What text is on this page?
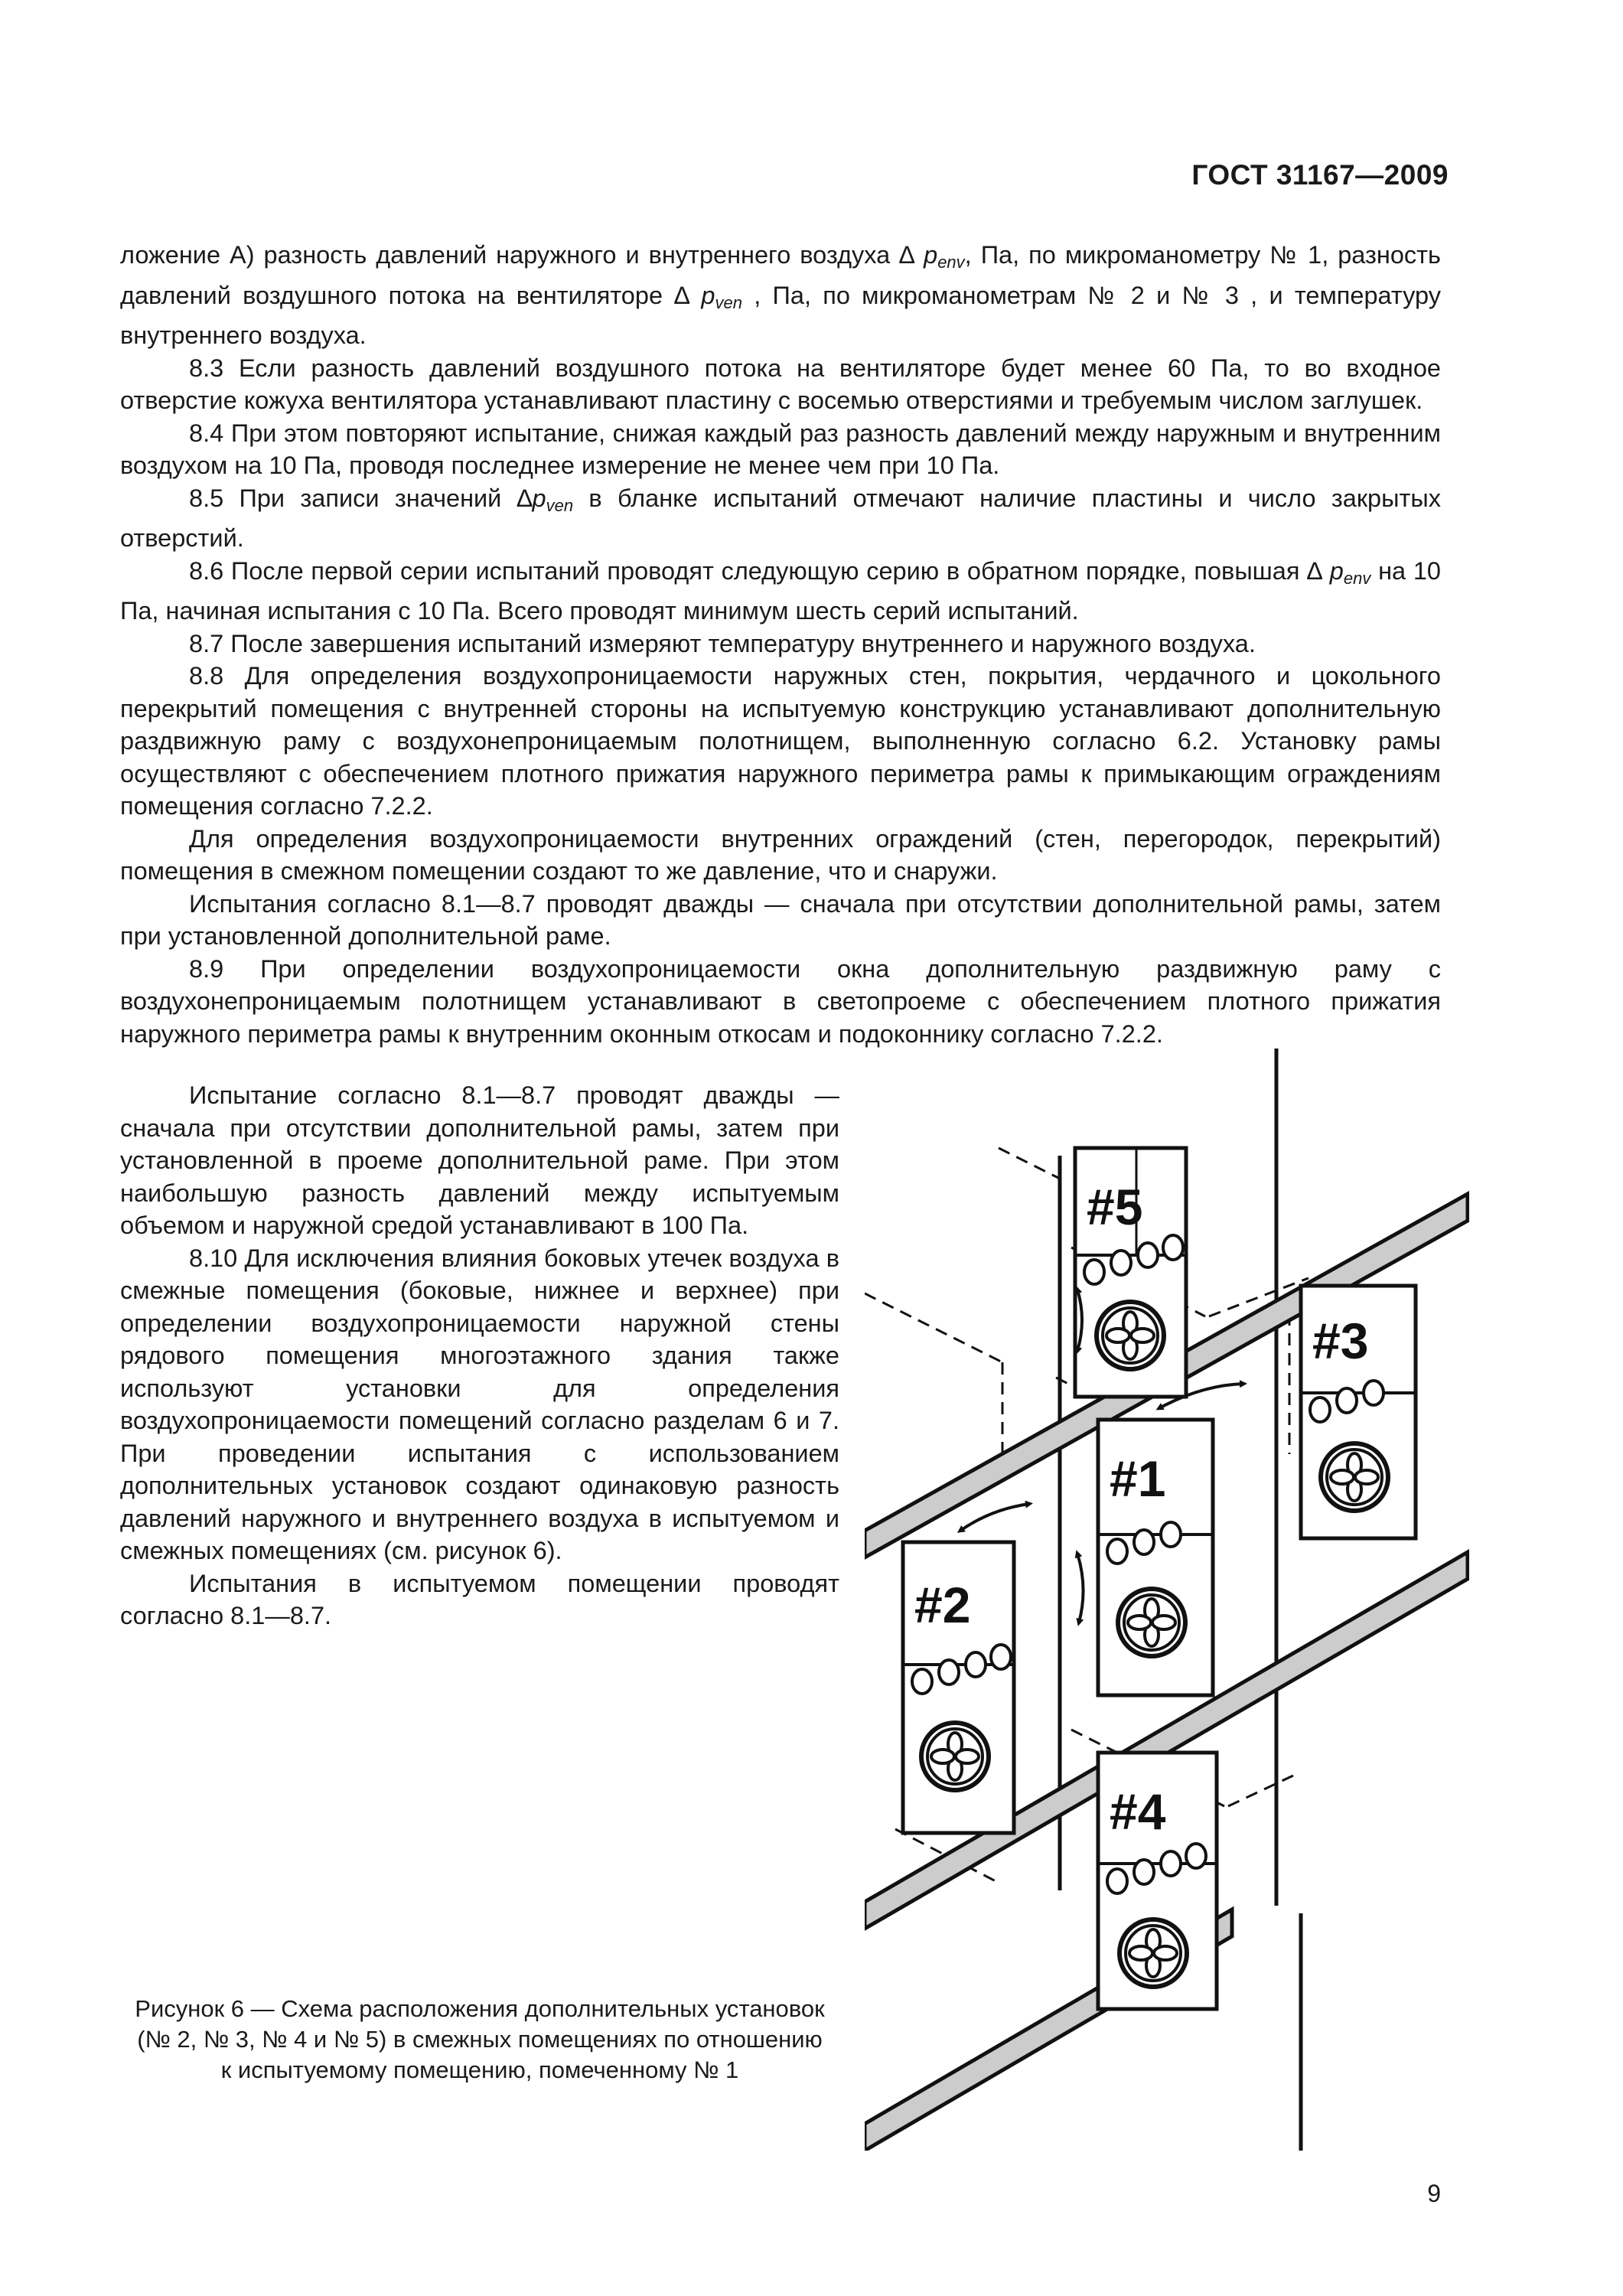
ГОСТ 31167—2009

ложение А) разность давлений наружного и внутреннего воздуха ∆ $p_{env}$, Па, по микроманометру № 1, разность давлений воздушного потока на вентиляторе ∆ $p_{ven}$ , Па, по микроманометрам № 2 и № 3 , и температуру внутреннего воздуха.

8.3 Если разность давлений воздушного потока на вентиляторе будет менее 60 Па, то во входное отверстие кожуха вентилятора устанавливают пластину с восемью отверстиями и требуемым числом заглушек.

8.4 При этом повторяют испытание, снижая каждый раз разность давлений между наружным и внутренним воздухом на 10 Па, проводя последнее измерение не менее чем при 10 Па.

8.5 При записи значений $\Delta p_{ven}$ в бланке испытаний отмечают наличие пластины и число закрытых отверстий.

8.6 После первой серии испытаний проводят следующую серию в обратном порядке, повышая ∆ $p_{env}$ на 10 Па, начиная испытания с 10 Па. Всего проводят минимум шесть серий испытаний.

8.7 После завершения испытаний измеряют температуру внутреннего и наружного воздуха.

8.8 Для определения воздухопроницаемости наружных стен, покрытия, чердачного и цокольного перекрытий помещения с внутренней стороны на испытуемую конструкцию устанавливают дополнительную раздвижную раму с воздухонепроницаемым полотнищем, выполненную согласно 6.2. Установку рамы осуществляют с обеспечением плотного прижатия наружного периметра рамы к примыкающим ограждениям помещения согласно 7.2.2.

Для определения воздухопроницаемости внутренних ограждений (стен, перегородок, перекрытий) помещения в смежном помещении создают то же давление, что и снаружи.

Испытания согласно 8.1—8.7 проводят дважды — сначала при отсутствии дополнительной рамы, затем при установленной дополнительной раме.

8.9 При определении воздухопроницаемости окна дополнительную раздвижную раму с воздухонепроницаемым полотнищем устанавливают в светопроеме с обеспечением плотного прижатия наружного периметра рамы к внутренним оконным откосам и подоконнику согласно 7.2.2.

Испытание согласно 8.1—8.7 проводят дважды — сначала при отсутствии дополнительной рамы, затем при установленной в проеме дополнительной раме. При этом наибольшую разность давлений между испытуемым объемом и наружной средой устанавливают в 100 Па.

8.10 Для исключения влияния боковых утечек воздуха в смежные помещения (боковые, нижнее и верхнее) при определении воздухопроницаемости наружной стены рядового помещения многоэтажного здания также используют установки для определения воздухопроницаемости помещений согласно разделам 6 и 7. При проведении испытания с использованием дополнительных установок создают одинаковую разность давлений наружного и внутреннего воздуха в испытуемом и смежных помещениях (см. рисунок 6).

Испытания в испытуемом помещении проводят согласно 8.1—8.7.

#5
#3
#1
#2
#4
Рисунок 6 — Схема расположения дополнительных установок
(№ 2, № 3, № 4 и № 5) в смежных помещениях по отношению
к испытуемому помещению, помеченному № 1
9
